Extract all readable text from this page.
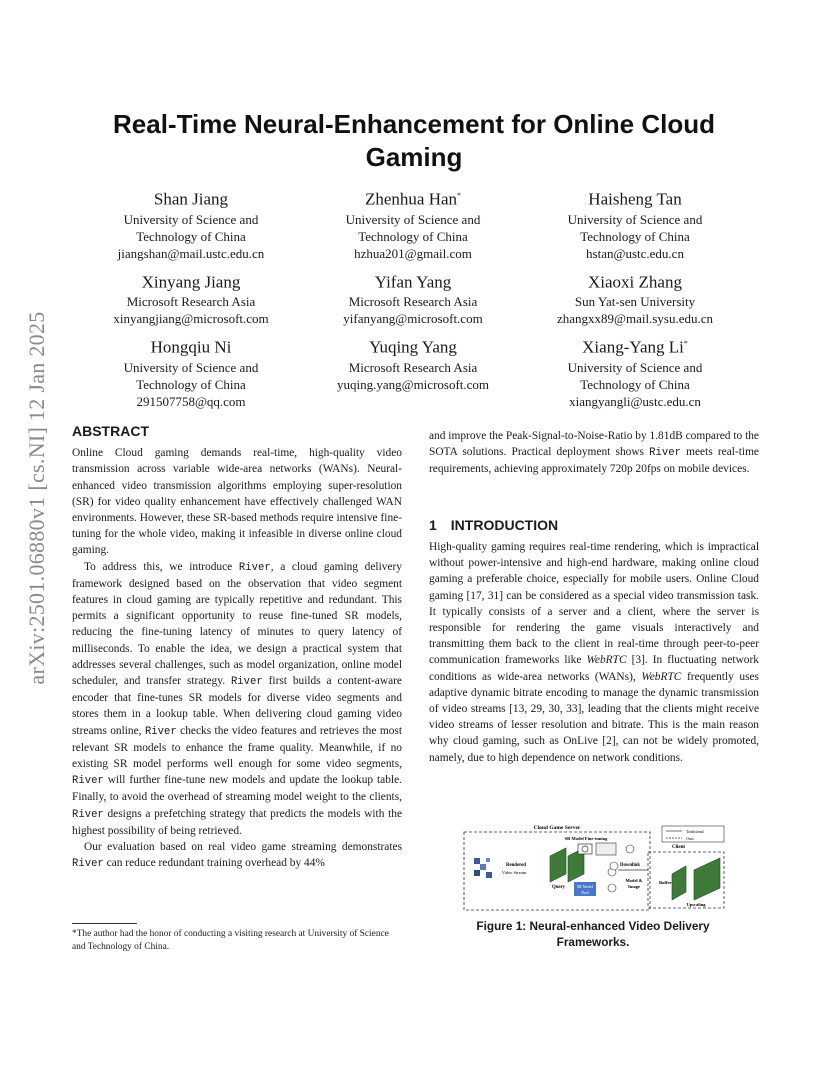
arXiv:2501.06880v1 [cs.NI] 12 Jan 2025
Real-Time Neural-Enhancement for Online Cloud Gaming
Shan Jiang
University of Science and
Technology of China
jiangshan@mail.ustc.edu.cn
Zhenhua Han*
University of Science and
Technology of China
hzhua201@gmail.com
Haisheng Tan
University of Science and
Technology of China
hstan@ustc.edu.cn
Xinyang Jiang
Microsoft Research Asia
xinyangjiang@microsoft.com
Yifan Yang
Microsoft Research Asia
yifanyang@microsoft.com
Xiaoxi Zhang
Sun Yat-sen University
zhangxx89@mail.sysu.edu.cn
Hongqiu Ni
University of Science and
Technology of China
291507758@qq.com
Yuqing Yang
Microsoft Research Asia
yuqing.yang@microsoft.com
Xiang-Yang Li*
University of Science and
Technology of China
xiangyangli@ustc.edu.cn
ABSTRACT

Online Cloud gaming demands real-time, high-quality video transmission across variable wide-area networks (WANs). Neural-enhanced video transmission algorithms employing super-resolution (SR) for video quality enhancement have effectively challenged WAN environments. However, these SR-based methods require intensive fine-tuning for the whole video, making it infeasible in diverse online cloud gaming.

To address this, we introduce River, a cloud gaming delivery framework designed based on the observation that video segment features in cloud gaming are typically repetitive and redundant. This permits a significant opportunity to reuse fine-tuned SR models, reducing the fine-tuning latency of minutes to query latency of milliseconds. To enable the idea, we design a practical system that addresses several challenges, such as model organization, online model scheduler, and transfer strategy. River first builds a content-aware encoder that fine-tunes SR models for diverse video segments and stores them in a lookup table. When delivering cloud gaming video streams online, River checks the video features and retrieves the most relevant SR models to enhance the frame quality. Meanwhile, if no existing SR model performs well enough for some video segments, River will further fine-tune new models and update the lookup table. Finally, to avoid the overhead of streaming model weight to the clients, River designs a prefetching strategy that predicts the models with the highest possibility of being retrieved.

Our evaluation based on real video game streaming demonstrates River can reduce redundant training overhead by 44%

and improve the Peak-Signal-to-Noise-Ratio by 1.81dB compared to the SOTA solutions. Practical deployment shows River meets real-time requirements, achieving approximately 720p 20fps on mobile devices.

1 INTRODUCTION

High-quality gaming requires real-time rendering, which is impractical without power-intensive and high-end hardware, making online cloud gaming a preferable choice, especially for mobile users. Online Cloud gaming [17, 31] can be considered as a special video transmission task. It typically consists of a server and a client, where the server is responsible for rendering the game visuals interactively and transmitting them back to the client in real-time through peer-to-peer communication frameworks like WebRTC [3]. In fluctuating network conditions as wide-area networks (WANs), WebRTC frequently uses adaptive dynamic bitrate encoding to manage the dynamic transmission of video streams [13, 29, 30, 33], leading that the clients might receive video streams of lesser resolution and bitrate. This is the main reason why cloud gaming, such as OnLive [2], can not be widely promoted, namely, due to high dependence on network conditions.

*The author had the honor of conducting a visiting research at University of Science and Technology of China.
Cloud Game Server
SR Model Fine-tuning
Rendered
Video Stream
Query	SR Model
Pool
Downlink
Model &
Image
Client
Buffer
Upscaling
Traditional
Ours
Figure 1: Neural-enhanced Video Delivery Frameworks.
